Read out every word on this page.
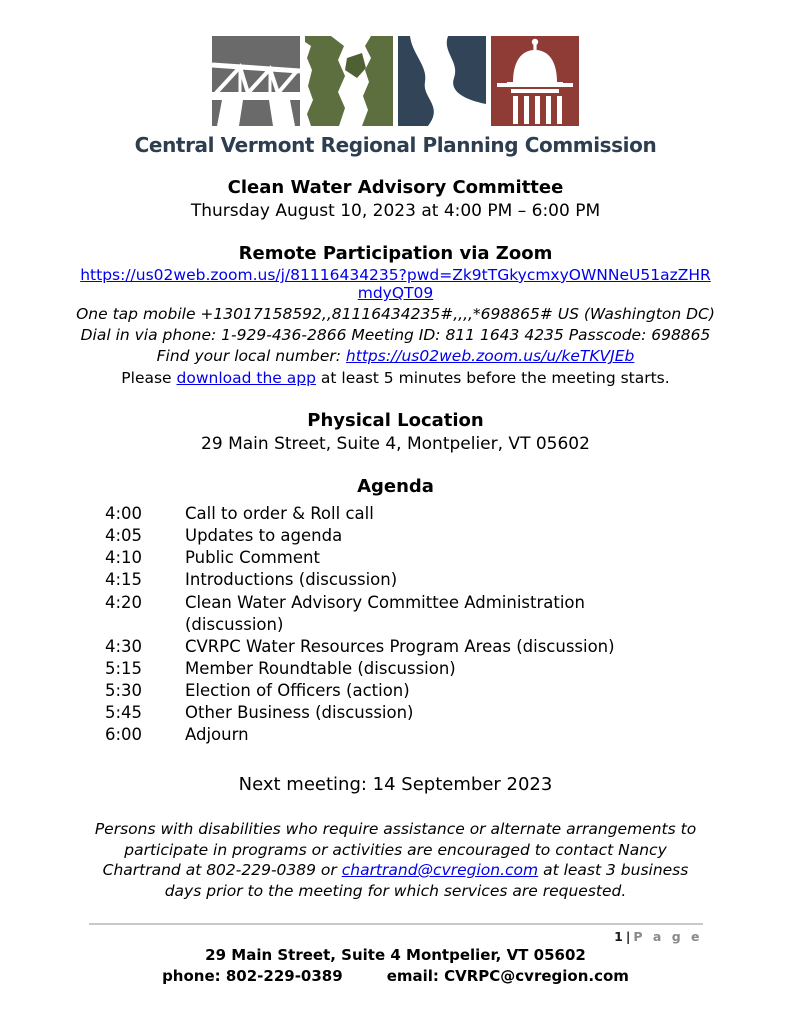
Central Vermont Regional Planning Commission
Clean Water Advisory Committee

Thursday August 10, 2023 at 4:00 PM – 6:00 PM

Remote Participation via Zoom

https://us02web.zoom.us/j/81116434235?pwd=Zk9tTGkycmxyOWNNeU51azZHRmdyQT09

One tap mobile +13017158592,,81116434235#,,,,*698865# US (Washington DC)

Dial in via phone: 1-929-436-2866 Meeting ID: 811 1643 4235 Passcode: 698865

Find your local number: https://us02web.zoom.us/u/keTKVJEb

Please download the app at least 5 minutes before the meeting starts.

Physical Location

29 Main Street, Suite 4, Montpelier, VT 05602

Agenda
4:00	Call to order & Roll call
4:05	Updates to agenda
4:10	Public Comment
4:15	Introductions (discussion)
4:20	Clean Water Advisory Committee Administration (discussion)
4:30	CVRPC Water Resources Program Areas (discussion)
5:15	Member Roundtable (discussion)
5:30	Election of Officers (action)
5:45	Other Business (discussion)
6:00	Adjourn

Next meeting: 14 September 2023

Persons with disabilities who require assistance or alternate arrangements to participate in programs or activities are encouraged to contact Nancy Chartrand at 802-229-0389 or chartrand@cvregion.com at least 3 business days prior to the meeting for which services are requested.

1 | P a g e
29 Main Street, Suite 4 Montpelier, VT 05602
phone: 802-229-0389	email: CVRPC@cvregion.com
